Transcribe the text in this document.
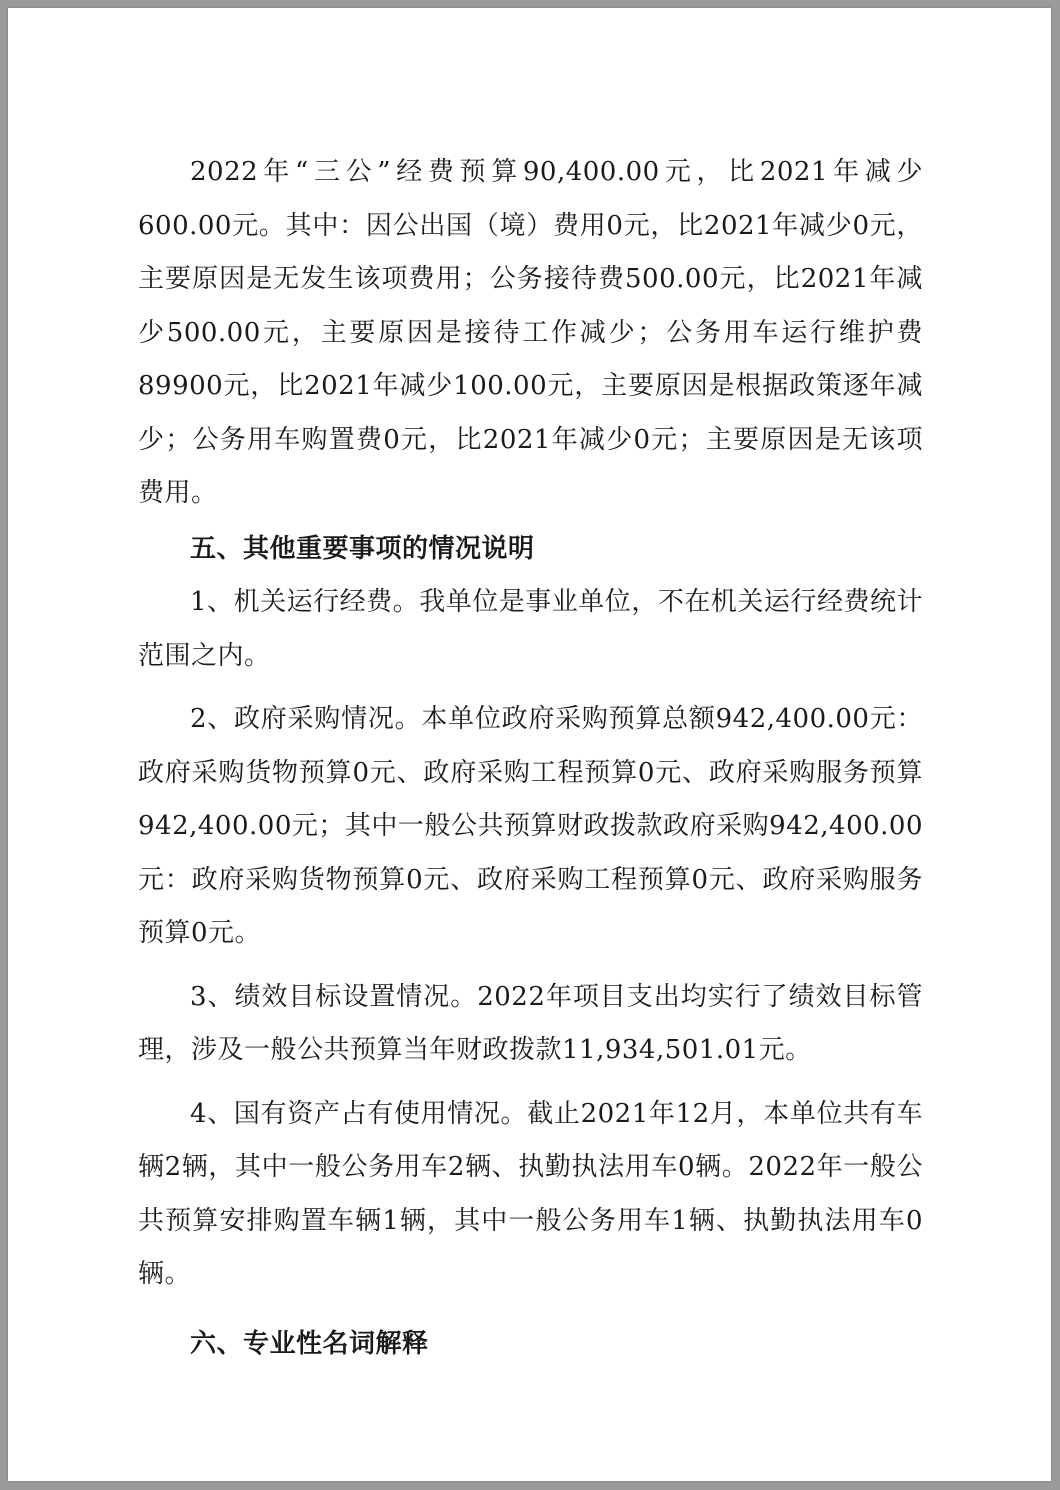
2022年“三公”经费预算90,400.00元，比2021年减少600.00元。其中：因公出国（境）费用0元，比2021年减少0元，主要原因是无发生该项费用；公务接待费500.00元，比2021年减少500.00元，主要原因是接待工作减少；公务用车运行维护费89900元，比2021年减少100.00元，主要原因是根据政策逐年减少；公务用车购置费0元，比2021年减少0元；主要原因是无该项费用。

五、其他重要事项的情况说明

1、机关运行经费。我单位是事业单位，不在机关运行经费统计范围之内。

2、政府采购情况。本单位政府采购预算总额942,400.00元：政府采购货物预算0元、政府采购工程预算0元、政府采购服务预算942,400.00元；其中一般公共预算财政拨款政府采购942,400.00元：政府采购货物预算0元、政府采购工程预算0元、政府采购服务预算0元。

3、绩效目标设置情况。2022年项目支出均实行了绩效目标管理，涉及一般公共预算当年财政拨款11,934,501.01元。

4、国有资产占有使用情况。截止2021年12月，本单位共有车辆2辆，其中一般公务用车2辆、执勤执法用车0辆。2022年一般公共预算安排购置车辆1辆，其中一般公务用车1辆、执勤执法用车0辆。

六、专业性名词解释
